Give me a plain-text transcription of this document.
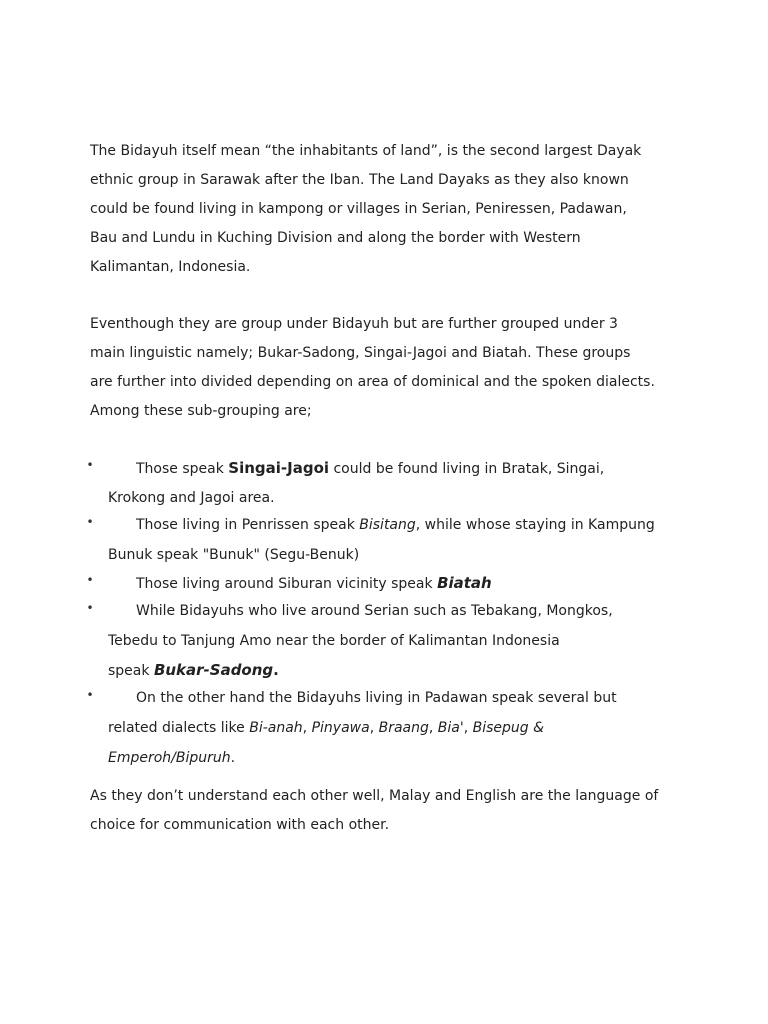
The Bidayuh itself mean “the inhabitants of land”, is the second largest Dayak
ethnic group in Sarawak after the Iban. The Land Dayaks as they also known
could be found living in kampong or villages in Serian, Peniressen, Padawan,
Bau and Lundu in Kuching Division and along the border with Western
Kalimantan, Indonesia.

Eventhough they are group under Bidayuh but are further grouped under 3
main linguistic namely; Bukar-Sadong, Singai-Jagoi and Biatah. These groups
are further into divided depending on area of dominical and the spoken dialects.
Among these sub-grouping are;

•	Those speak Singai-Jagoi could be found living in Bratak, Singai,
Krokong and Jagoi area.
•	Those living in Penrissen speak Bisitang, while whose staying in Kampung
Bunuk speak "Bunuk" (Segu-Benuk)
•	Those living around Siburan vicinity speak Biatah
•	While Bidayuhs who live around Serian such as Tebakang, Mongkos,
Tebedu to Tanjung Amo near the border of Kalimantan Indonesia
speak Bukar-Sadong.
•	On the other hand the Bidayuhs living in Padawan speak several but
related dialects like Bi-anah, Pinyawa, Braang, Bia', Bisepug &
Emperoh/Bipuruh.

As they don’t understand each other well, Malay and English are the language of
choice for communication with each other.
